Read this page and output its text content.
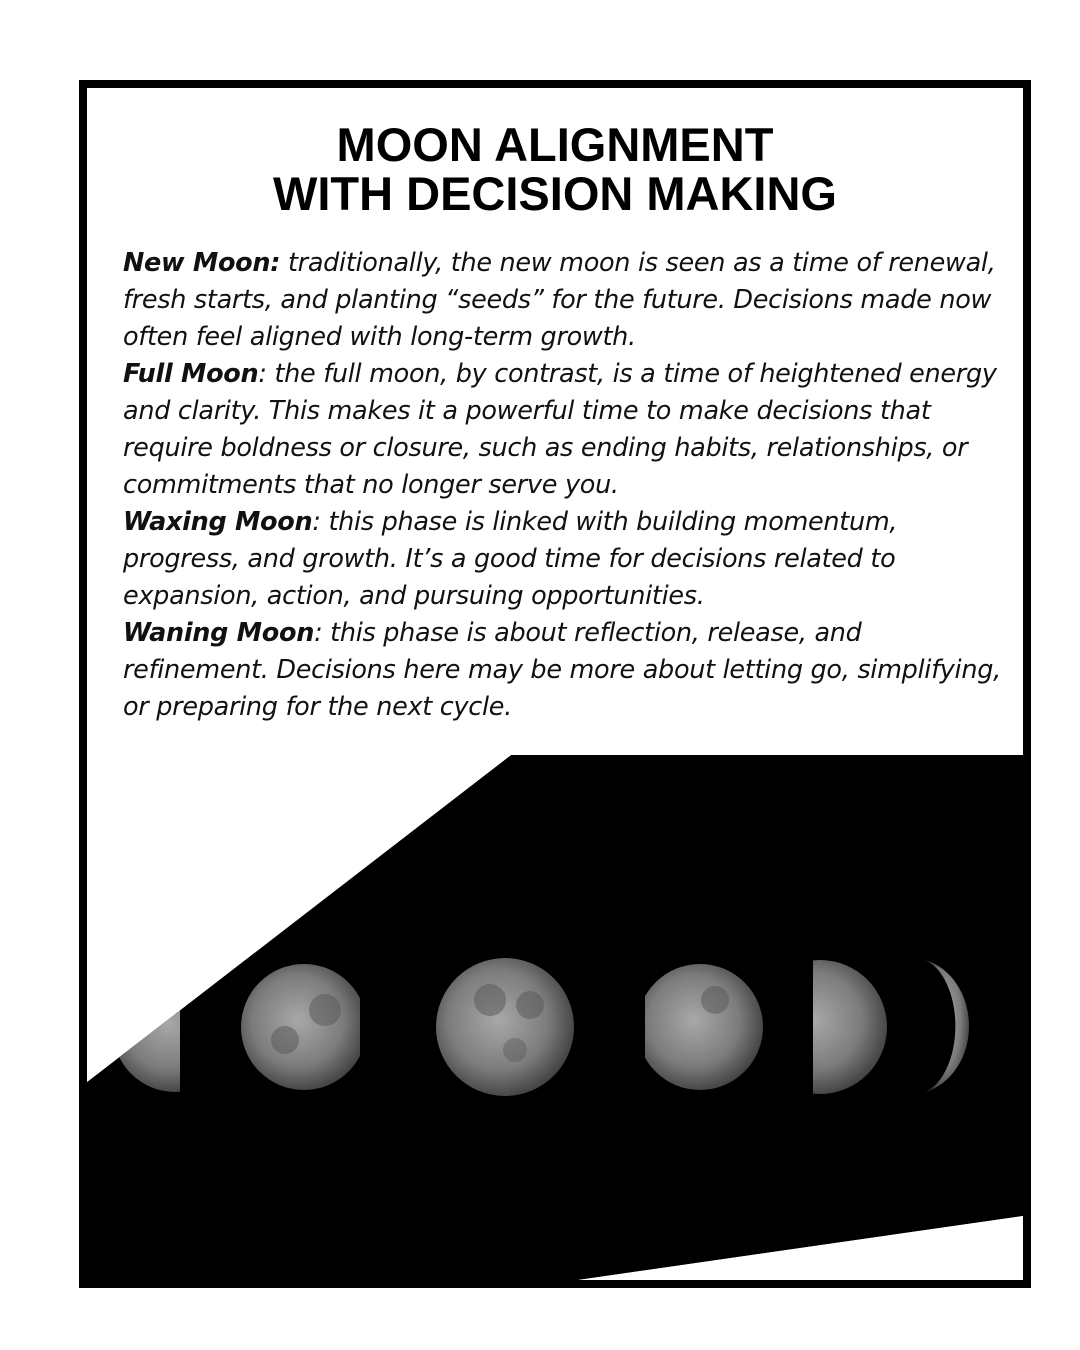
MOON ALIGNMENT
WITH DECISION MAKING

New Moon: traditionally, the new moon is seen as a time of renewal, fresh starts, and planting “seeds” for the future. Decisions made now often feel aligned with long-term growth.

Full Moon: the full moon, by contrast, is a time of heightened energy and clarity. This makes it a powerful time to make decisions that require boldness or closure, such as ending habits, relationships, or commitments that no longer serve you.

Waxing Moon: this phase is linked with building momentum, progress, and growth. It’s a good time for decisions related to expansion, action, and pursuing opportunities.

Waning Moon: this phase is about reflection, release, and refinement. Decisions here may be more about letting go, simplifying, or preparing for the next cycle.
